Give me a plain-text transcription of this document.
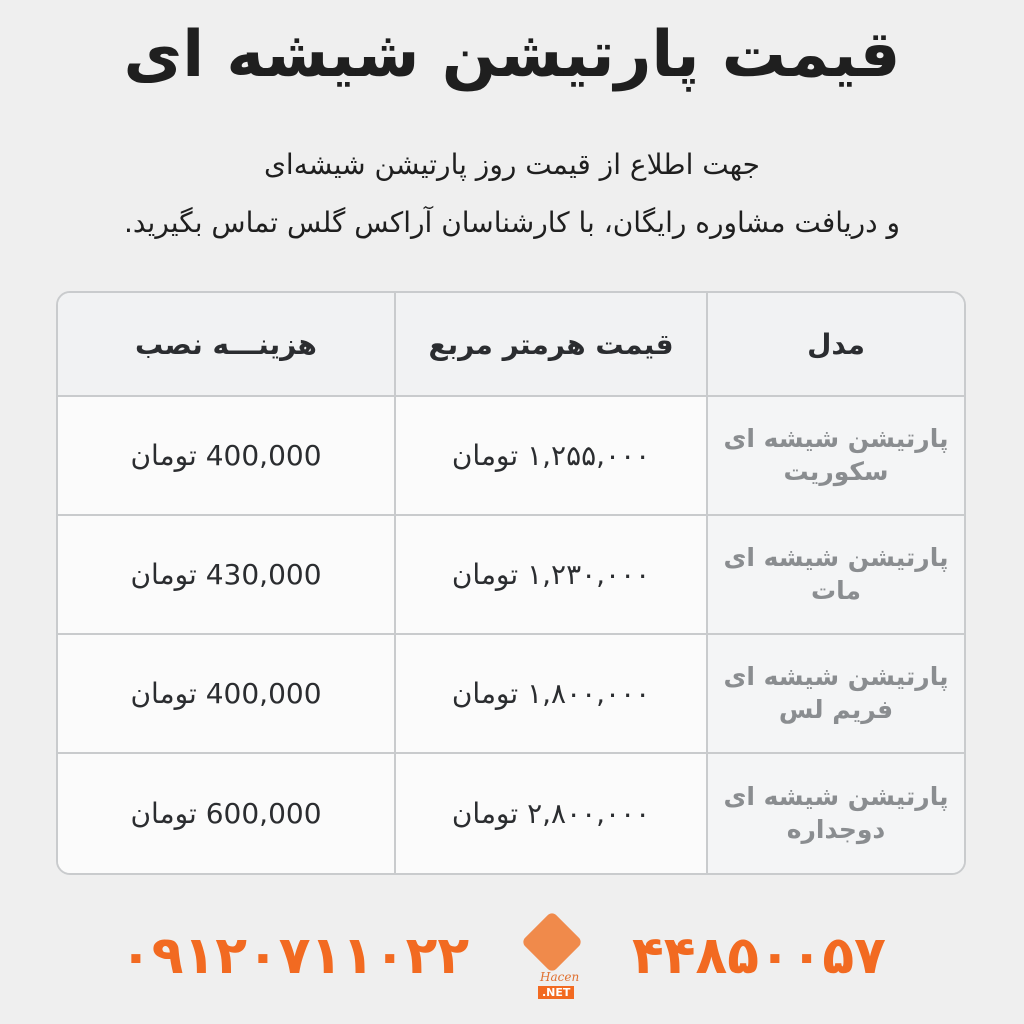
قیمت پارتیشن شیشه ای
جهت اطلاع از قیمت روز پارتیشن شیشه‌ای
و دریافت مشاوره رایگان، با کارشناسان آراکس گلس تماس بگیرید.
مدل
قیمت هرمتر مربع
هزینـــه نصب
پارتیشن شیشه ای سکوریت
۱,۲۵۵,۰۰۰ تومان
400,000 تومان
پارتیشن شیشه ای مات
۱,۲۳۰,۰۰۰ تومان
430,000 تومان
پارتیشن شیشه ای فریم لس
۱,۸۰۰,۰۰۰ تومان
400,000 تومان
پارتیشن شیشه ای دوجداره
۲,۸۰۰,۰۰۰ تومان
600,000 تومان
۰۹۱۲۰۷۱۱۰۲۲	Hacen
.NET
۴۴۸۵۰۰۵۷
